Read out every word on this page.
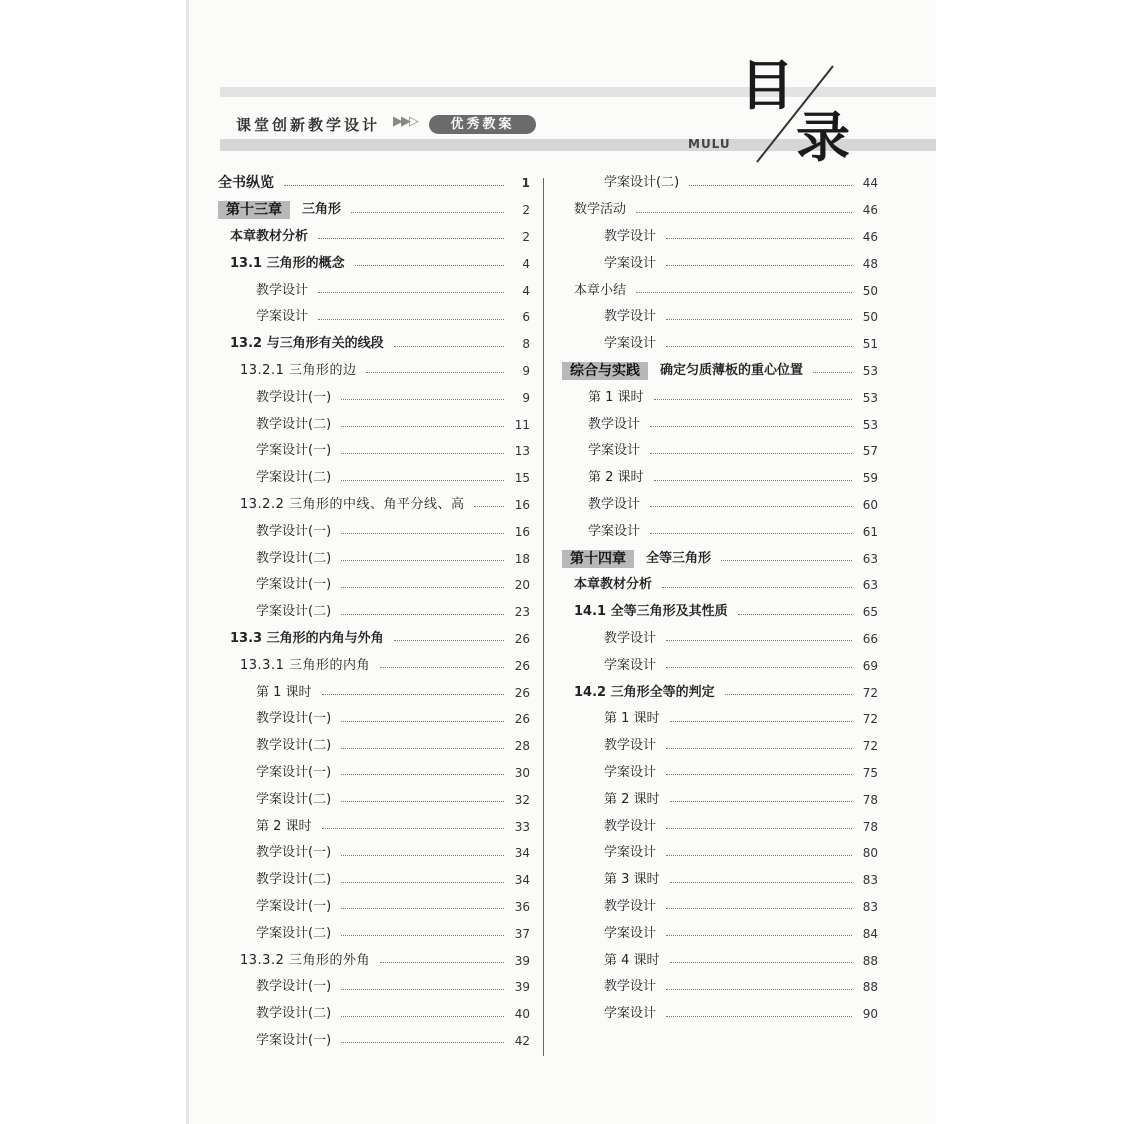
课堂创新教学设计 ▶▶▷	优秀教案
MULU
目
录
全书纵览	1
第十三章	三角形	2
本章教材分析	2
13.1 三角形的概念	4
教学设计	4
学案设计	6
13.2 与三角形有关的线段	8
13.2.1 三角形的边	9
教学设计(一)	9
教学设计(二)	11
学案设计(一)	13
学案设计(二)	15
13.2.2 三角形的中线、角平分线、高	16
教学设计(一)	16
教学设计(二)	18
学案设计(一)	20
学案设计(二)	23
13.3 三角形的内角与外角	26
13.3.1 三角形的内角	26
第 1 课时	26
教学设计(一)	26
教学设计(二)	28
学案设计(一)	30
学案设计(二)	32
第 2 课时	33
教学设计(一)	34
教学设计(二)	34
学案设计(一)	36
学案设计(二)	37
13.3.2 三角形的外角	39
教学设计(一)	39
教学设计(二)	40
学案设计(一)	42
学案设计(二)	44
数学活动	46
教学设计	46
学案设计	48
本章小结	50
教学设计	50
学案设计	51
综合与实践	确定匀质薄板的重心位置	53
第 1 课时	53
教学设计	53
学案设计	57
第 2 课时	59
教学设计	60
学案设计	61
第十四章	全等三角形	63
本章教材分析	63
14.1 全等三角形及其性质	65
教学设计	66
学案设计	69
14.2 三角形全等的判定	72
第 1 课时	72
教学设计	72
学案设计	75
第 2 课时	78
教学设计	78
学案设计	80
第 3 课时	83
教学设计	83
学案设计	84
第 4 课时	88
教学设计	88
学案设计	90
